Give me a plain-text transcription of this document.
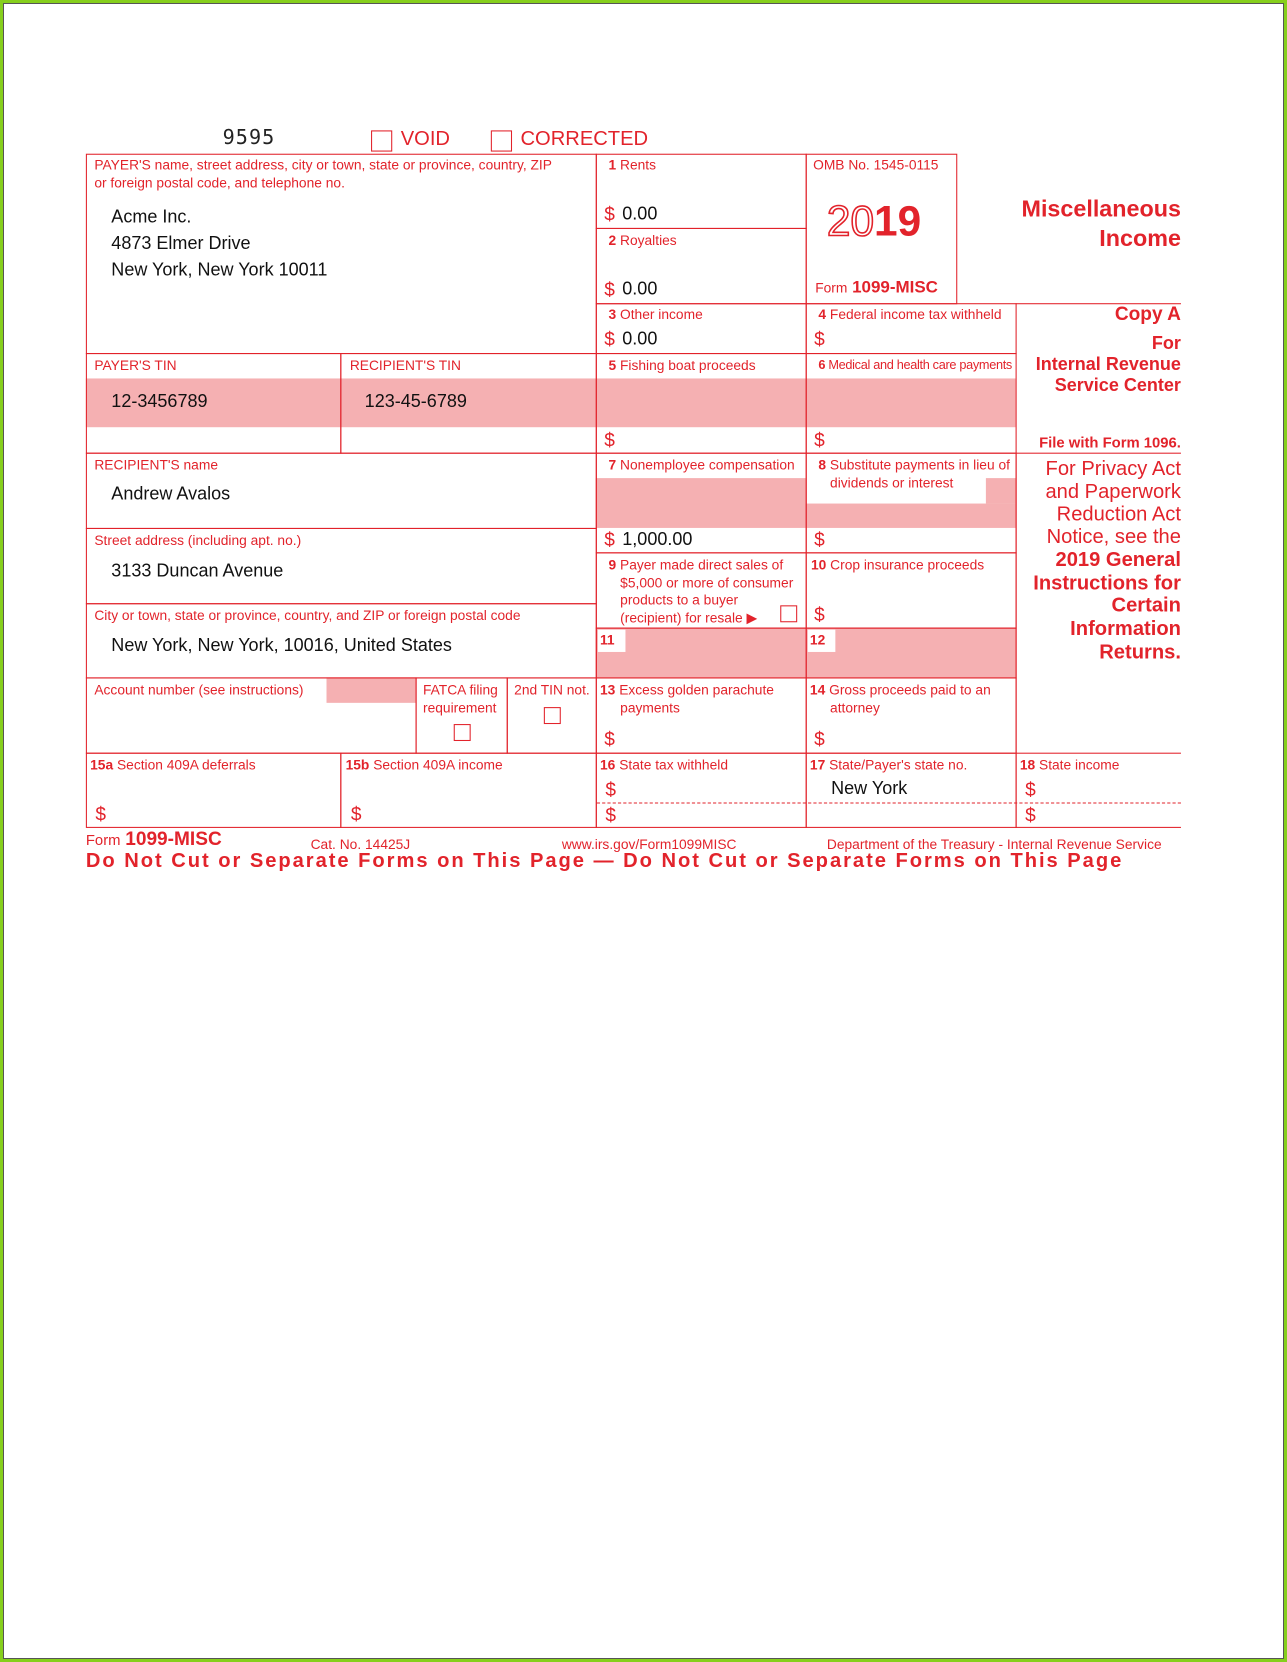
9595	VOID	CORRECTED
PAYER'S name, street address, city or town, state or province, country, ZIP
or foreign postal code, and telephone no.
Acme Inc.
4873 Elmer Drive
New York, New York 10011
PAYER'S TIN
12-3456789
RECIPIENT'S TIN
123-45-6789
RECIPIENT'S name
Andrew Avalos
Street address (including apt. no.)
3133 Duncan Avenue
City or town, state or province, country, and ZIP or foreign postal code
New York, New York, 10016, United States
Account number (see instructions)	FATCA filing
requirement
2nd TIN not.
1 Rents
$ 0.00
2 Royalties
$ 0.00
3 Other income
$ 0.00
4 Federal income tax withheld
$
OMB No. 1545-0115
2019
Form 1099-MISC
Miscellaneous
Income
Copy A
For
Internal Revenue
Service Center
File with Form 1096.
For Privacy Act
and Paperwork
Reduction Act
Notice, see the
2019 General
Instructions for
Certain
Information
Returns.
5 Fishing boat proceeds
$
6 Medical and health care payments
$
7 Nonemployee compensation
$ 1,000.00
8 Substitute payments in lieu of
dividends or interest
$
9 Payer made direct sales of
$5,000 or more of consumer
products to a buyer
(recipient) for resale ▶
10 Crop insurance proceeds
$
11	12
13 Excess golden parachute
payments
$
14 Gross proceeds paid to an
attorney
$
15a Section 409A deferrals
$
15b Section 409A income
$
16 State tax withheld
$
$
17 State/Payer's state no.
New York
18 State income
$
$
Form 1099-MISC	Cat. No. 14425J	www.irs.gov/Form1099MISC	Department of the Treasury - Internal Revenue Service
Do Not Cut or Separate Forms on This Page — Do Not Cut or Separate Forms on This Page
